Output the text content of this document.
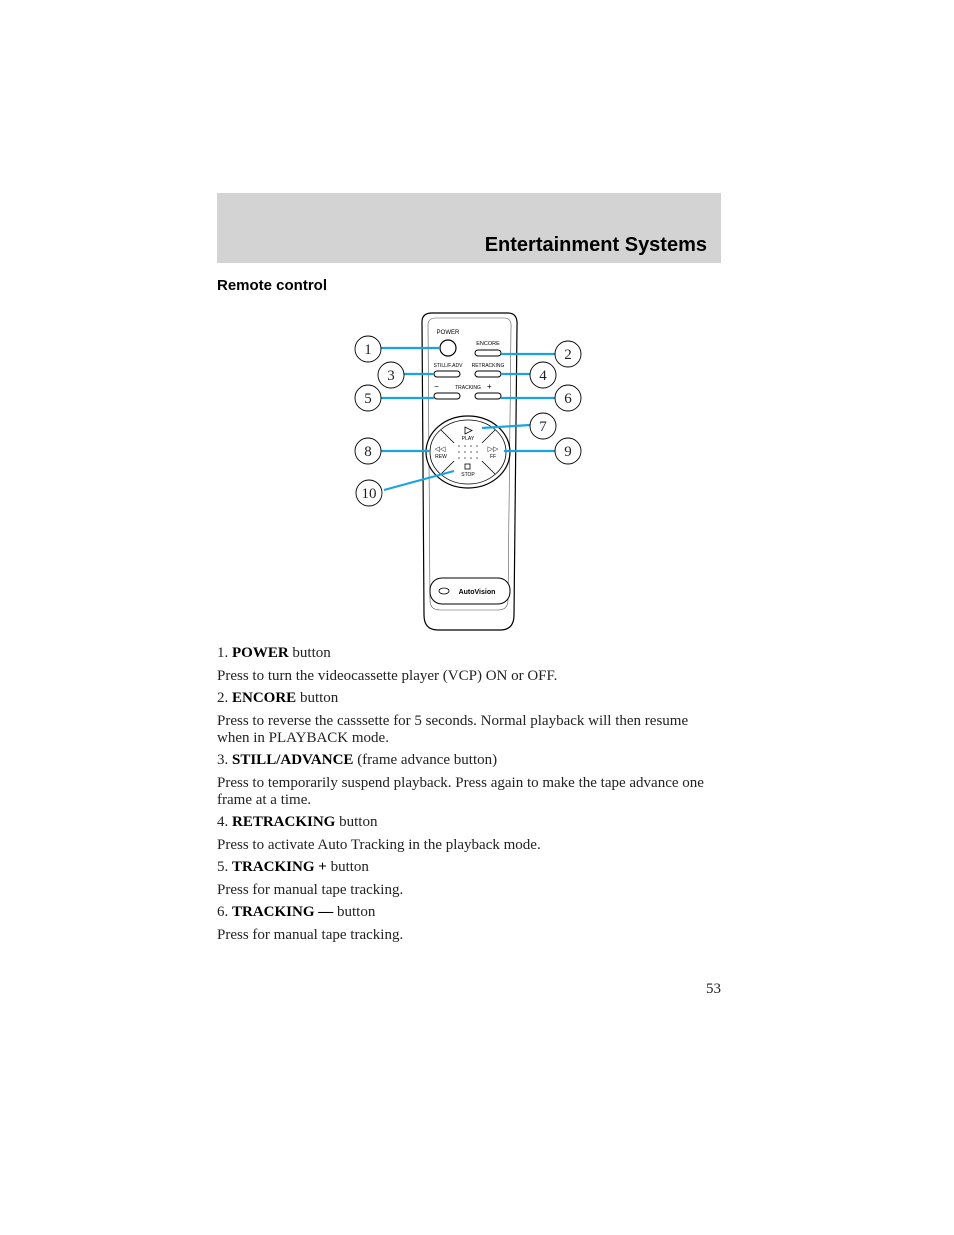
Entertainment Systems
Remote control
POWER
ENCORE
STILL/F.ADV RETRACKING
−	TRACKING +
PLAY
◁◁
REW
▷▷
FF
STOP
AutoVision
1	2
3	4
5	6
7
8	9
10

1. POWER button

Press to turn the videocassette player (VCP) ON or OFF.

2. ENCORE button

Press to reverse the casssette for 5 seconds. Normal playback will then resume when in PLAYBACK mode.

3. STILL/ADVANCE (frame advance button)

Press to temporarily suspend playback. Press again to make the tape advance one frame at a time.

4. RETRACKING button

Press to activate Auto Tracking in the playback mode.

5. TRACKING + button

Press for manual tape tracking.

6. TRACKING — button

Press for manual tape tracking.

53
